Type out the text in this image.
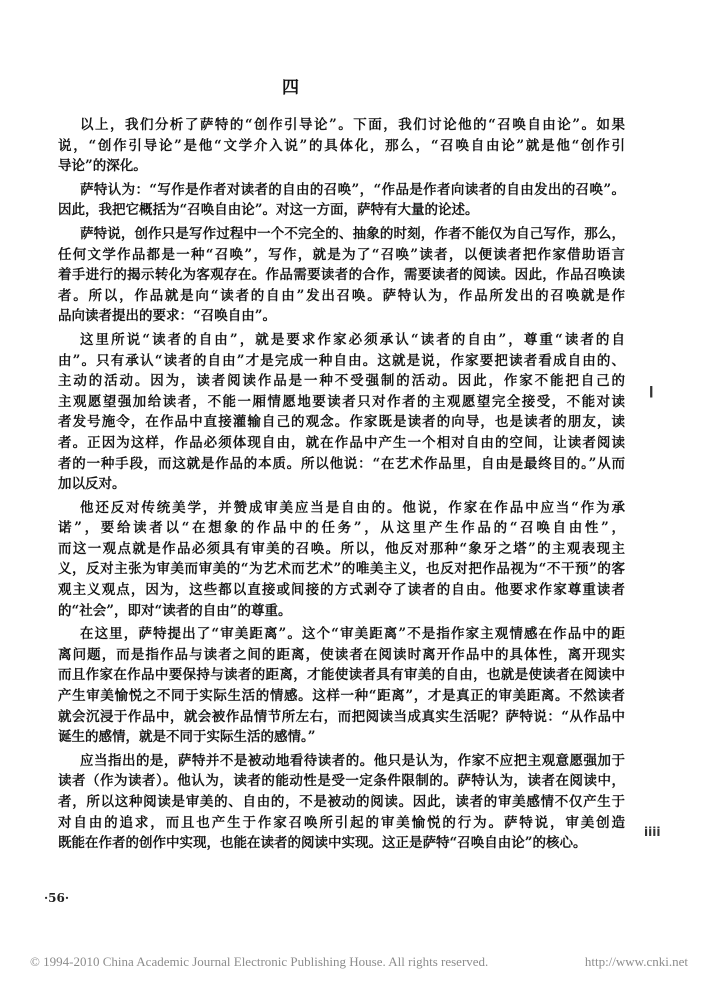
四
以上，我们分析了萨特的“创作引导论”。下面，我们讨论他的“召唤自由论”。如果
说，“创作引导论”是他“文学介入说”的具体化，那么，“召唤自由论”就是他“创作引
导论”的深化。
萨特认为：“写作是作者对读者的自由的召唤”，“作品是作者向读者的自由发出的召唤”。
因此，我把它概括为“召唤自由论”。对这一方面，萨特有大量的论述。
萨特说，创作只是写作过程中一个不完全的、抽象的时刻，作者不能仅为自己写作，那么，
任何文学作品都是一种“召唤”，写作，就是为了“召唤”读者，以便读者把作家借助语言
着手进行的揭示转化为客观存在。作品需要读者的合作，需要读者的阅读。因此，作品召唤读
者。所以，作品就是向“读者的自由”发出召唤。萨特认为，作品所发出的召唤就是作
品向读者提出的要求：“召唤自由”。
这里所说“读者的自由”，就是要求作家必须承认“读者的自由”，尊重“读者的自
由”。只有承认“读者的自由”才是完成一种自由。这就是说，作家要把读者看成自由的、
主动的活动。因为，读者阅读作品是一种不受强制的活动。因此，作家不能把自己的
主观愿望强加给读者，不能一厢情愿地要读者只对作者的主观愿望完全接受，不能对读
者发号施令，在作品中直接灌输自己的观念。作家既是读者的向导，也是读者的朋友，读
者。正因为这样，作品必须体现自由，就在作品中产生一个相对自由的空间，让读者阅读
者的一种手段，而这就是作品的本质。所以他说：“在艺术作品里，自由是最终目的。”从而
加以反对。
他还反对传统美学，并赞成审美应当是自由的。他说，作家在作品中应当“作为承
诺”，要给读者以“在想象的作品中的任务”，从这里产生作品的“召唤自由性”，
而这一观点就是作品必须具有审美的召唤。所以，他反对那种“象牙之塔”的主观表现主
义，反对主张为审美而审美的“为艺术而艺术”的唯美主义，也反对把作品视为“不干预”的客
观主义观点，因为，这些都以直接或间接的方式剥夺了读者的自由。他要求作家尊重读者
的“社会”，即对“读者的自由”的尊重。
在这里，萨特提出了“审美距离”。这个“审美距离”不是指作家主观情感在作品中的距
离问题，而是指作品与读者之间的距离，使读者在阅读时离开作品中的具体性，离开现实
而且作家在作品中要保持与读者的距离，才能使读者具有审美的自由，也就是使读者在阅读中
产生审美愉悦之不同于实际生活的情感。这样一种“距离”，才是真正的审美距离。不然读者
就会沉浸于作品中，就会被作品情节所左右，而把阅读当成真实生活呢？萨特说：“从作品中
诞生的感情，就是不同于实际生活的感情。”
应当指出的是，萨特并不是被动地看待读者的。他只是认为，作家不应把主观意愿强加于
读者（作为读者）。他认为，读者的能动性是受一定条件限制的。萨特认为，读者在阅读中，
者，所以这种阅读是审美的、自由的，不是被动的阅读。因此，读者的审美感情不仅产生于
对自由的追求，而且也产生于作家召唤所引起的审美愉悦的行为。萨特说，审美创造
既能在作者的创作中实现，也能在读者的阅读中实现。这正是萨特“召唤自由论”的核心。
ǀ
iiii
·56·
© 1994-2010 China Academic Journal Electronic Publishing House. All rights reserved.	http://www.cnki.net
